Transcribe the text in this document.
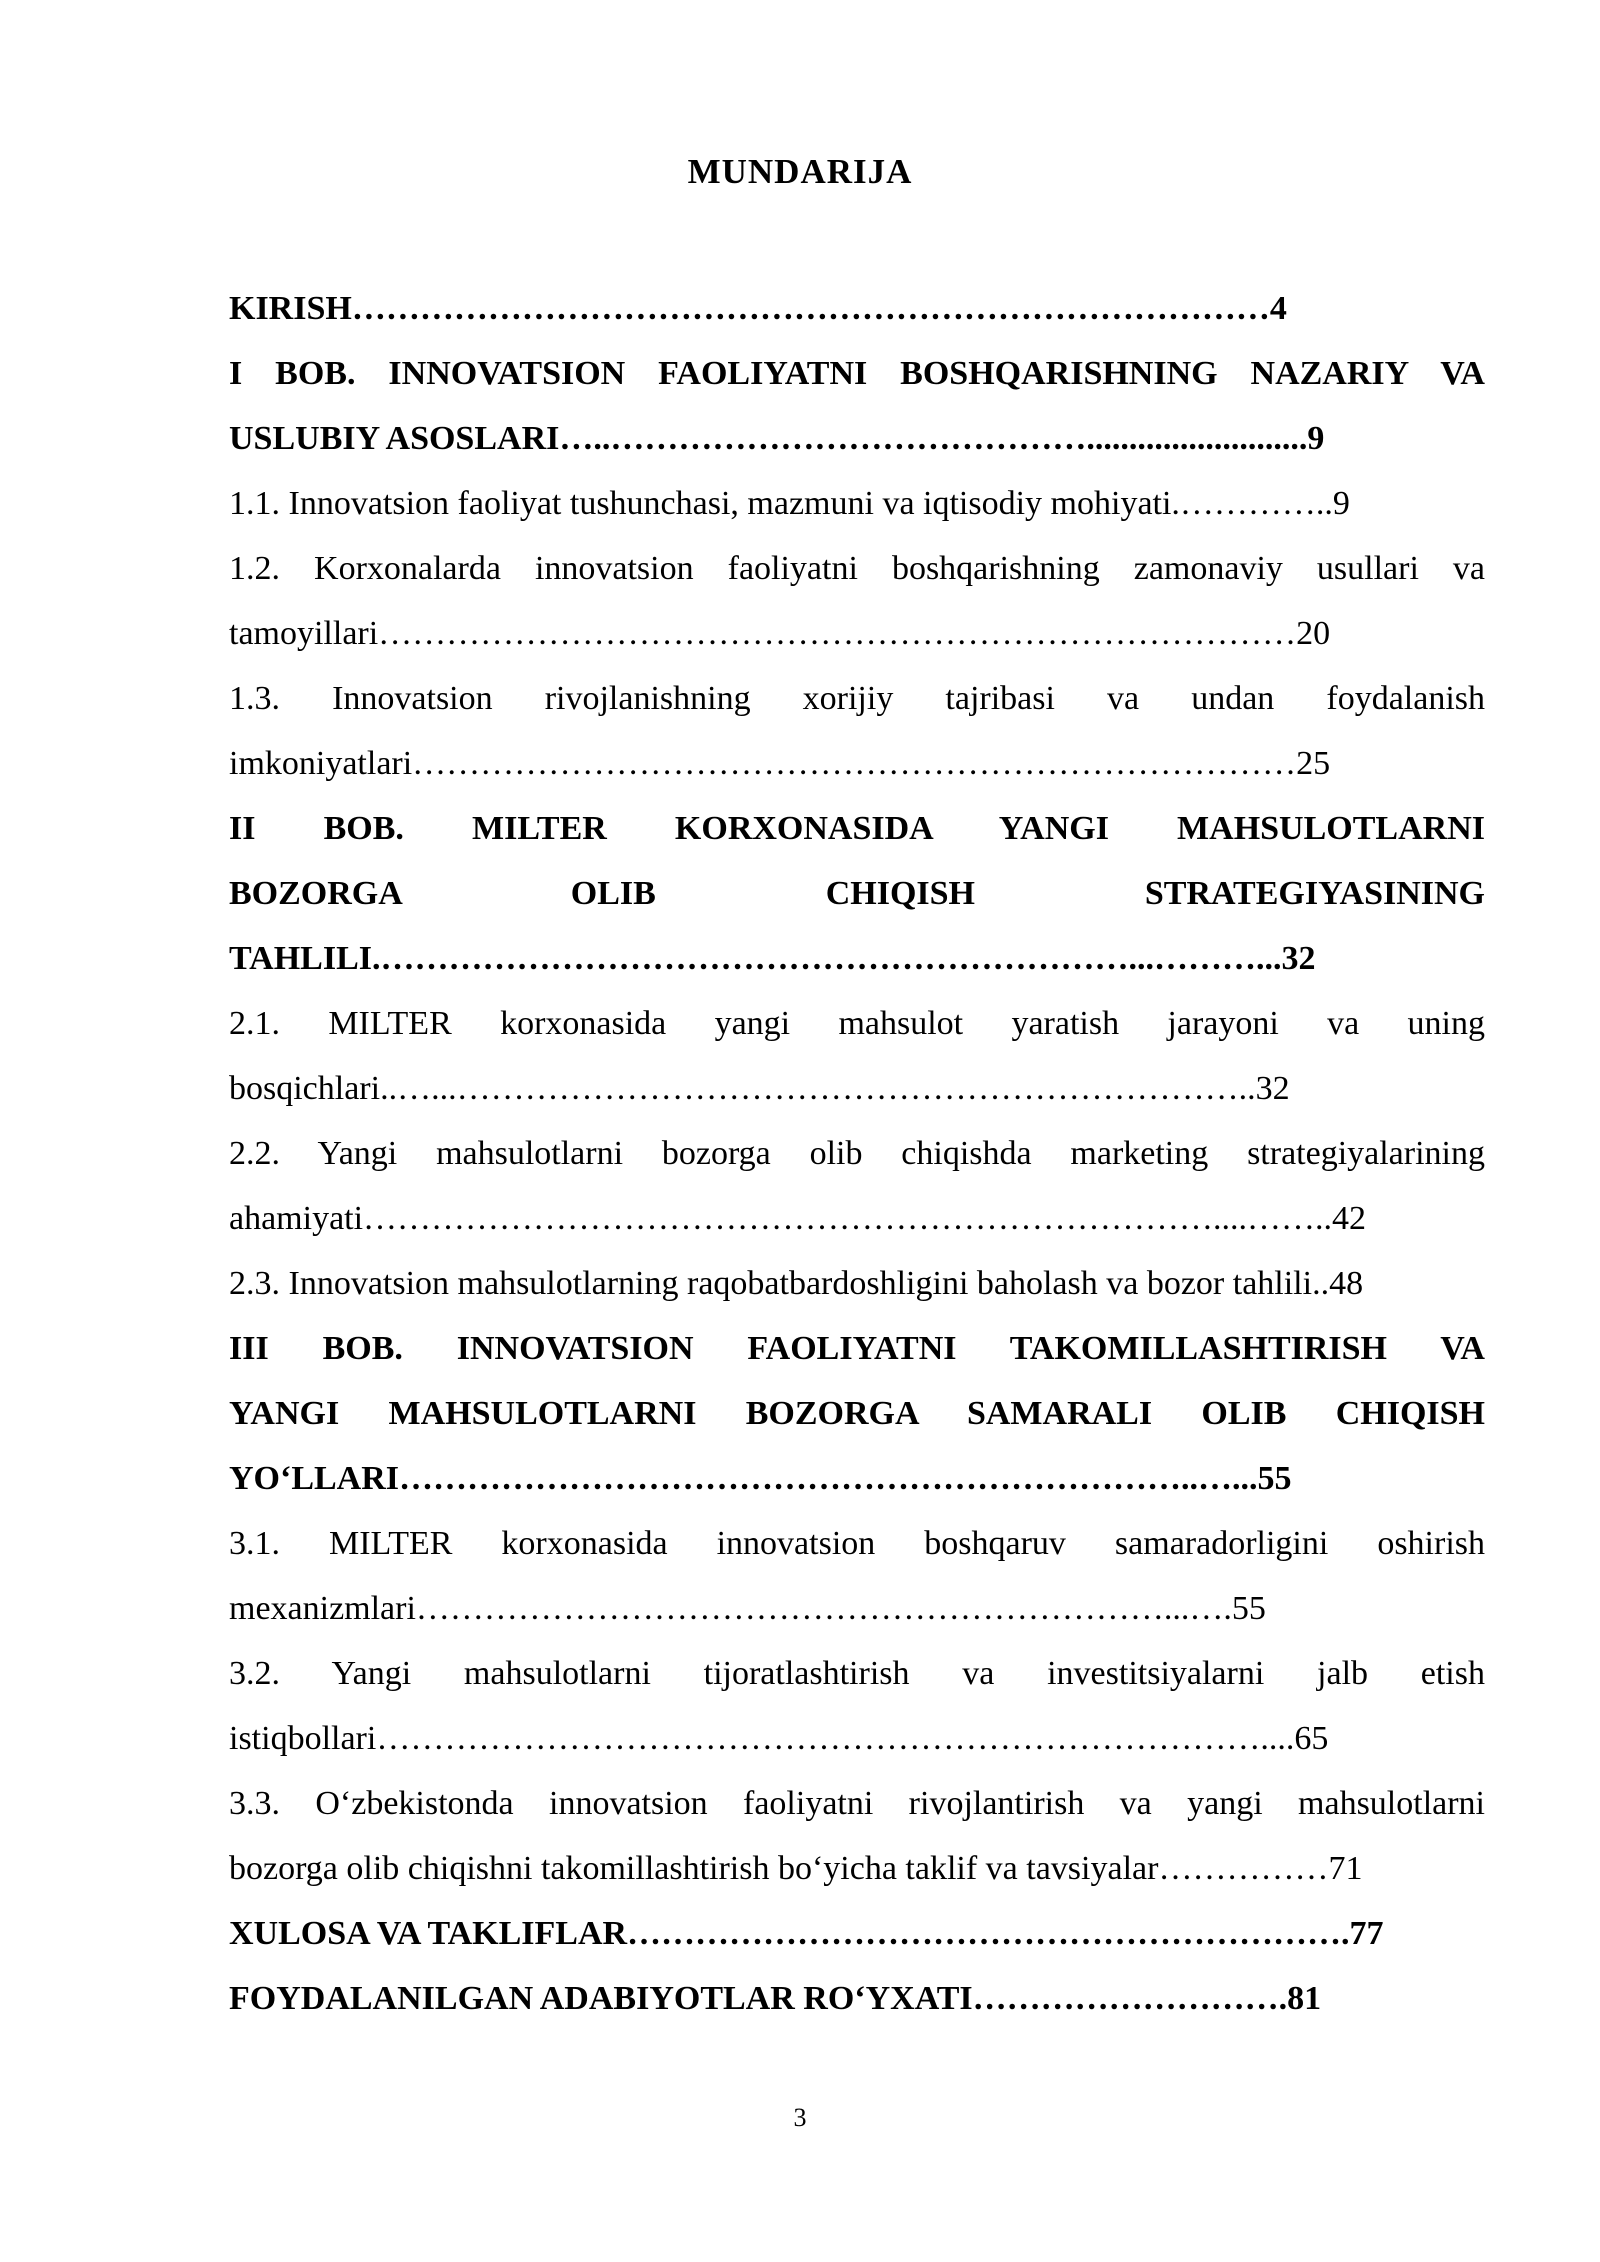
MUNDARIJA
KIRISH………………………………………………………………………4
I BOB. INNOVATSION FAOLIYATNI BOSHQARISHNING NAZARIY VA
USLUBIY ASOSLARI…..……………………………………..........................9
1.1. Innovatsion faoliyat tushunchasi, mazmuni va iqtisodiy mohiyati.…………..9
1.2. Korxonalarda innovatsion faoliyatni boshqarishning zamonaviy usullari va
tamoyillari………………………………………………………………………20
1.3. Innovatsion rivojlanishning xorijiy tajribasi va undan foydalanish
imkoniyatlari……………………………………………………………………25
II BOB. MILTER KORXONASIDA YANGI MAHSULOTLARNI
BOZORGA OLIB CHIQISH STRATEGIYASINING
TAHLILI.…………………………………………………………...………...32
2.1. MILTER korxonasida yangi mahsulot yaratish jarayoni va uning
bosqichlari..…...……………………………………………………………..32
2.2. Yangi mahsulotlarni bozorga olib chiqishda marketing strategiyalarining
ahamiyati…………………………………………………………………....……..42
2.3. Innovatsion mahsulotlarning raqobatbardoshligini baholash va bozor tahlili..48
III BOB. INNOVATSION FAOLIYATNI TAKOMILLASHTIRISH VA
YANGI MAHSULOTLARNI BOZORGA SAMARALI OLIB CHIQISH
YO‘LLARI……………………………………………………………..…...55
3.1. MILTER korxonasida innovatsion boshqaruv samaradorligini oshirish
mexanizmlari…………………………………………………………...….55
3.2. Yangi mahsulotlarni tijoratlashtirish va investitsiyalarni jalb etish
istiqbollari……………………………………………………………………....65
3.3. O‘zbekistonda innovatsion faoliyatni rivojlantirish va yangi mahsulotlarni
bozorga olib chiqishni takomillashtirish bo‘yicha taklif va tavsiyalar……………71
XULOSA VA TAKLIFLAR……………………………………………………….77
FOYDALANILGAN ADABIYOTLAR RO‘YXATI……………………….81
3
